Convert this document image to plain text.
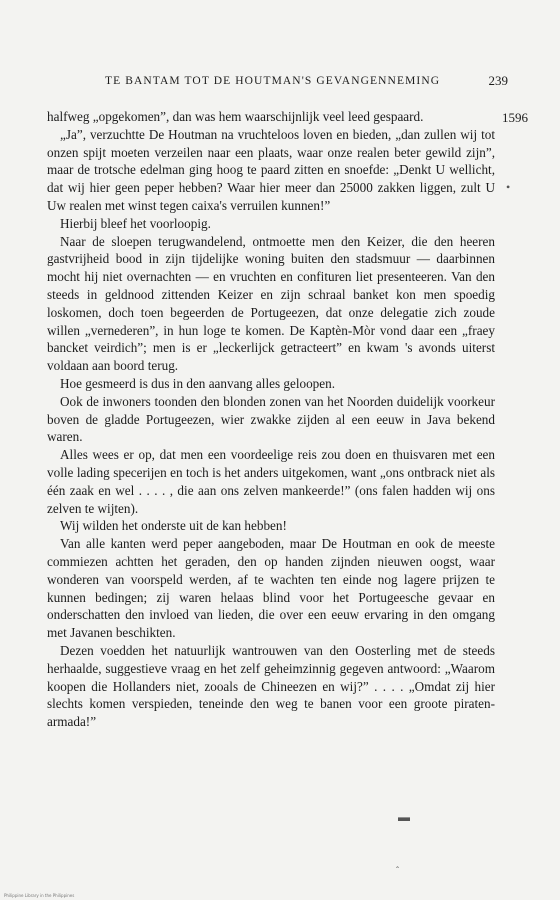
TE BANTAM TOT DE HOUTMAN'S GEVANGENNEMING	239
1596
•

halfweg „opgekomen”, dan was hem waarschijnlijk veel leed gespaard.

„Ja”, verzuchtte De Houtman na vruchteloos loven en bieden, „dan zullen wij tot onzen spijt moeten verzeilen naar een plaats, waar onze realen beter gewild zijn”, maar de trotsche edelman ging hoog te paard zitten en snoefde: „Denkt U wellicht, dat wij hier geen peper hebben? Waar hier meer dan 25000 zakken liggen, zult U Uw realen met winst tegen caixa's verruilen kunnen!”

Hierbij bleef het voorloopig.

Naar de sloepen terugwandelend, ontmoette men den Keizer, die den heeren gastvrijheid bood in zijn tijdelijke woning buiten den stadsmuur — daarbinnen mocht hij niet overnachten — en vruchten en confituren liet presenteeren. Van den steeds in geldnood zittenden Keizer en zijn schraal banket kon men spoedig loskomen, doch toen begeerden de Portugeezen, dat onze delegatie zich zoude willen „vernederen”, in hun loge te komen. De Kaptèn-Mòr vond daar een „fraey bancket veirdich”; men is er „leckerlijck getracteert” en kwam 's avonds uiterst voldaan aan boord terug.

Hoe gesmeerd is dus in den aanvang alles geloopen.

Ook de inwoners toonden den blonden zonen van het Noorden duidelijk voorkeur boven de gladde Portugeezen, wier zwakke zijden al een eeuw in Java bekend waren.

Alles wees er op, dat men een voordeelige reis zou doen en thuisvaren met een volle lading specerijen en toch is het anders uitgekomen, want „ons ontbrack niet als één zaak en wel . . . . , die aan ons zelven mankeerde!” (ons falen hadden wij ons zelven te wijten).

Wij wilden het onderste uit de kan hebben!

Van alle kanten werd peper aangeboden, maar De Houtman en ook de meeste commiezen achtten het geraden, den op handen zijnden nieuwen oogst, waar wonderen van voorspeld werden, af te wachten ten einde nog lagere prijzen te kunnen bedingen; zij waren helaas blind voor het Portugeesche gevaar en onderschatten den invloed van lieden, die over een eeuw ervaring in den omgang met Javanen beschikten.

Dezen voedden het natuurlijk wantrouwen van den Oosterling met de steeds herhaalde, suggestieve vraag en het zelf geheimzinnig gegeven antwoord: „Waarom koopen die Hollanders niet, zooals de Chineezen en wij?” . . . . „Omdat zij hier slechts komen verspieden, teneinde den weg te banen voor een groote piraten-armada!”

▬
ˆ
Philippine Library in the Philippines
